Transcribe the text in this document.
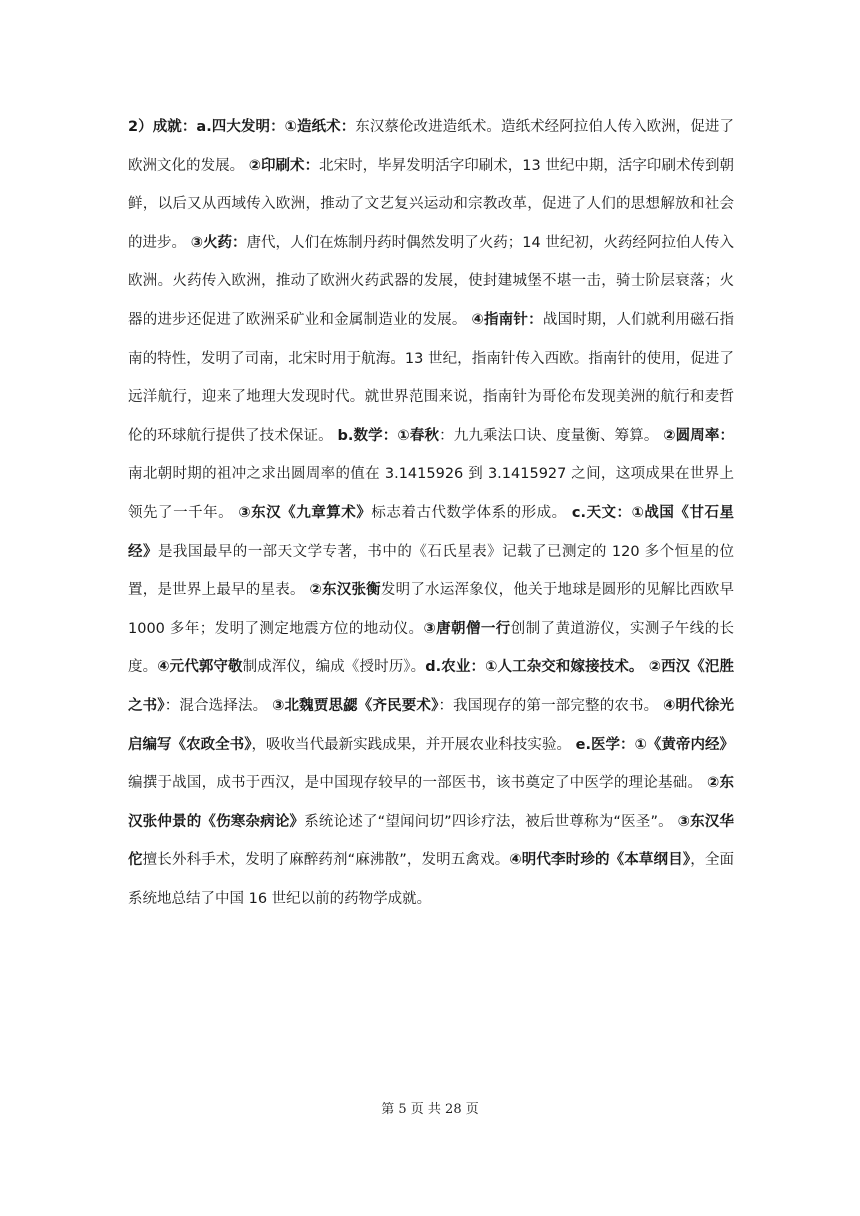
2）成就：a.四大发明：①造纸术：东汉蔡伦改进造纸术。造纸术经阿拉伯人传入欧洲，促进了欧洲文化的发展。 ②印刷术：北宋时，毕昇发明活字印刷术，13 世纪中期，活字印刷术传到朝鲜，以后又从西域传入欧洲，推动了文艺复兴运动和宗教改革，促进了人们的思想解放和社会的进步。 ③火药：唐代，人们在炼制丹药时偶然发明了火药；14 世纪初，火药经阿拉伯人传入欧洲。火药传入欧洲，推动了欧洲火药武器的发展，使封建城堡不堪一击，骑士阶层衰落；火器的进步还促进了欧洲采矿业和金属制造业的发展。 ④指南针：战国时期，人们就利用磁石指南的特性，发明了司南，北宋时用于航海。13 世纪，指南针传入西欧。指南针的使用，促进了远洋航行，迎来了地理大发现时代。就世界范围来说，指南针为哥伦布发现美洲的航行和麦哲伦的环球航行提供了技术保证。 b.数学：①春秋：九九乘法口诀、度量衡、筹算。 ②圆周率：南北朝时期的祖冲之求出圆周率的值在 3.1415926 到 3.1415927 之间，这项成果在世界上领先了一千年。 ③东汉《九章算术》标志着古代数学体系的形成。 c.天文：①战国《甘石星经》是我国最早的一部天文学专著，书中的《石氏星表》记载了已测定的 120 多个恒星的位置，是世界上最早的星表。 ②东汉张衡发明了水运浑象仪，他关于地球是圆形的见解比西欧早 1000 多年；发明了测定地震方位的地动仪。③唐朝僧一行创制了黄道游仪，实测子午线的长度。④元代郭守敬制成浑仪，编成《授时历》。d.农业：①人工杂交和嫁接技术。 ②西汉《汜胜之书》：混合选择法。 ③北魏贾思勰《齐民要术》：我国现存的第一部完整的农书。 ④明代徐光启编写《农政全书》，吸收当代最新实践成果，并开展农业科技实验。 e.医学：①《黄帝内经》编撰于战国，成书于西汉，是中国现存较早的一部医书，该书奠定了中医学的理论基础。 ②东汉张仲景的《伤寒杂病论》系统论述了“望闻问切”四诊疗法，被后世尊称为“医圣”。 ③东汉华佗擅长外科手术，发明了麻醉药剂“麻沸散”，发明五禽戏。④明代李时珍的《本草纲目》，全面系统地总结了中国 16 世纪以前的药物学成就。
第 5 页 共 28 页
